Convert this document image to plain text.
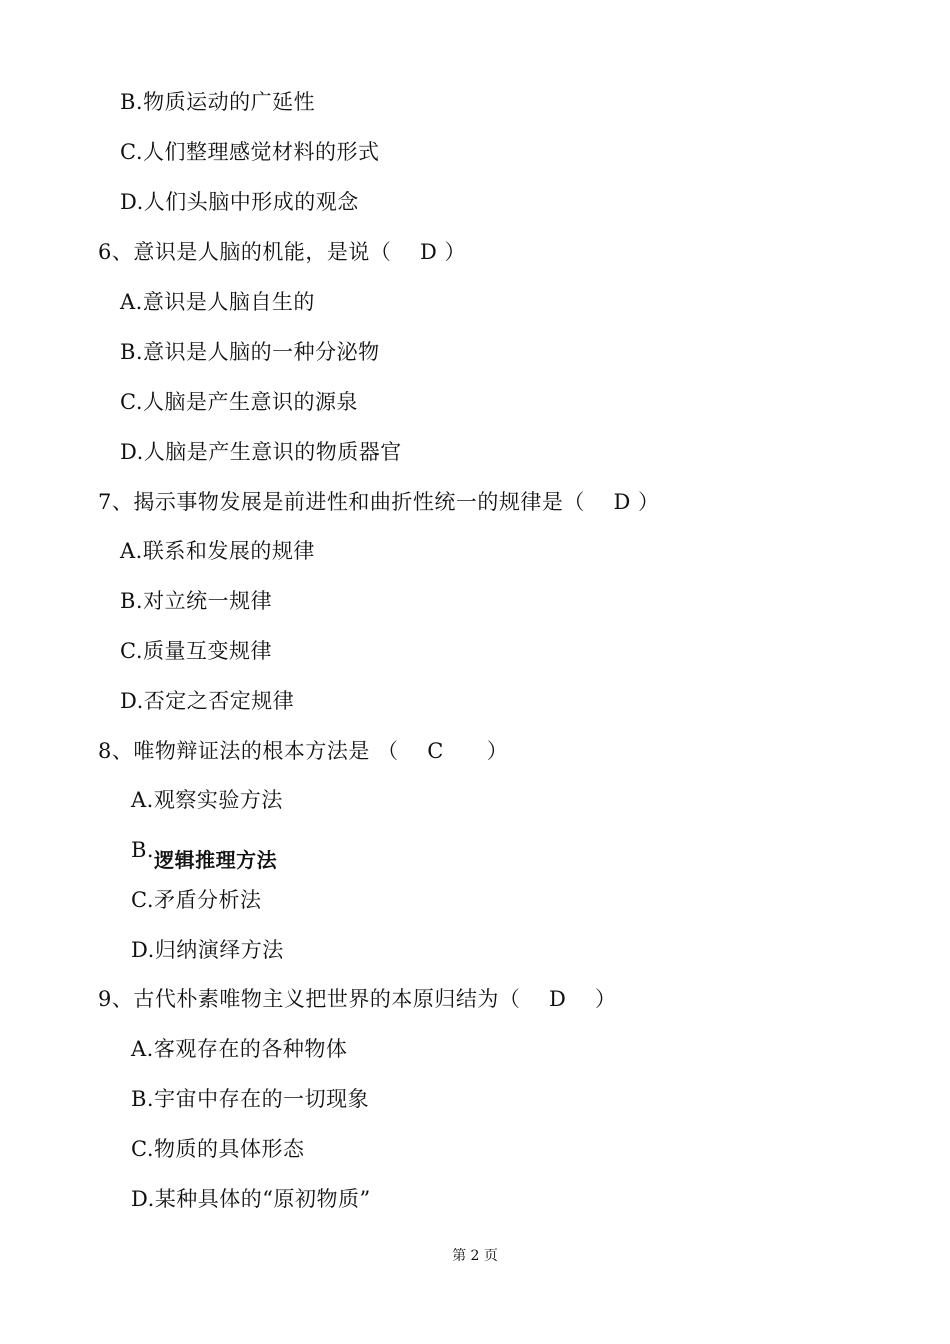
B.物质运动的广延性
C.人们整理感觉材料的形式
D.人们头脑中形成的观念
6、意识是人脑的机能，是说（　 D ）
A.意识是人脑自生的
B.意识是人脑的一种分泌物
C.人脑是产生意识的源泉
D.人脑是产生意识的物质器官
7、揭示事物发展是前进性和曲折性统一的规律是（　 D ）
A.联系和发展的规律
B.对立统一规律
C.质量互变规律
D.否定之否定规律
8、唯物辩证法的根本方法是 （　 C　　）
A.观察实验方法
B.逻辑推理方法
C.矛盾分析法
D.归纳演绎方法
9、古代朴素唯物主义把世界的本原归结为（　 D　 ）
A.客观存在的各种物体
B.宇宙中存在的一切现象
C.物质的具体形态
D.某种具体的“原初物质”
第 2 页
